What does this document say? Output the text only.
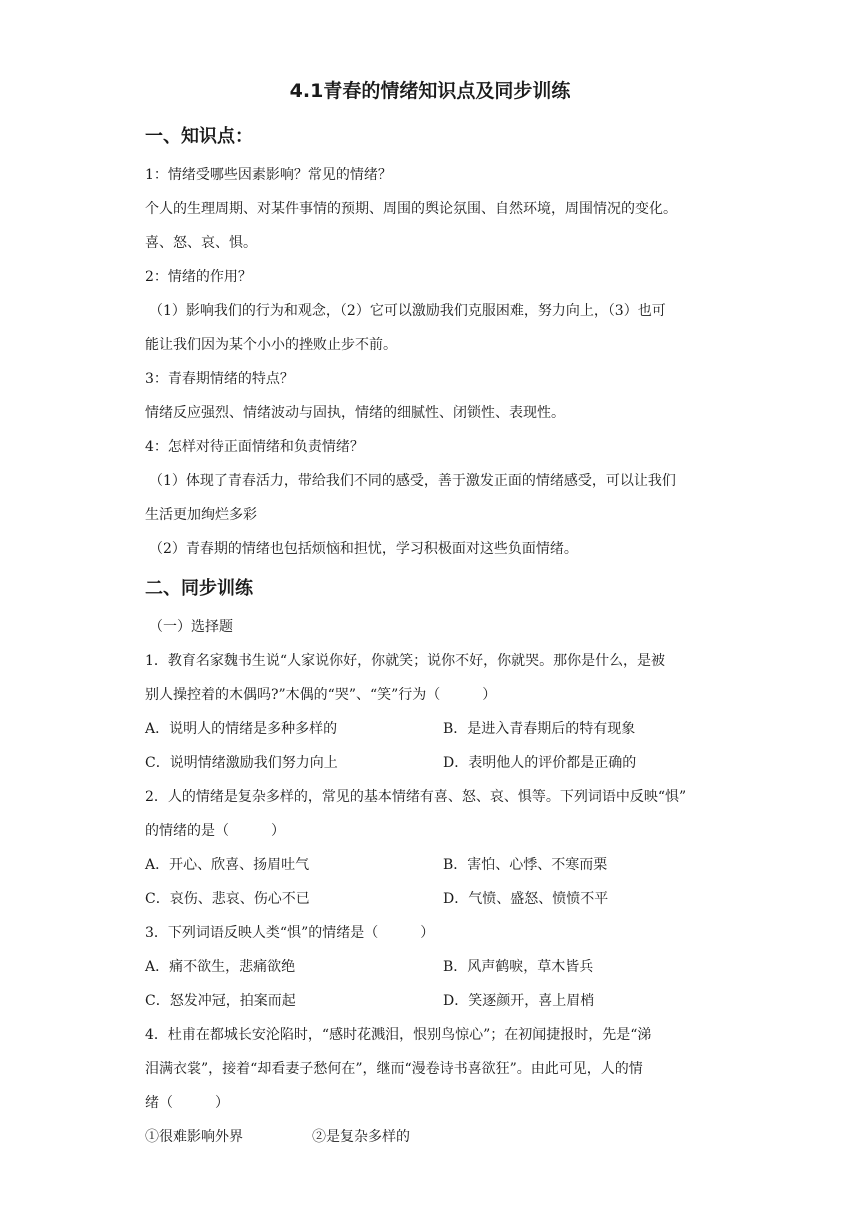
4.1青春的情绪知识点及同步训练
一、知识点：
1：情绪受哪些因素影响？常见的情绪？
个人的生理周期、对某件事情的预期、周围的舆论氛围、自然环境，周围情况的变化。
喜、怒、哀、惧。
2：情绪的作用？
（1）影响我们的行为和观念，（2）它可以激励我们克服困难，努力向上，（3）也可
能让我们因为某个小小的挫败止步不前。
3：青春期情绪的特点？
情绪反应强烈、情绪波动与固执，情绪的细腻性、闭锁性、表现性。
4：怎样对待正面情绪和负责情绪？
（1）体现了青春活力，带给我们不同的感受，善于激发正面的情绪感受，可以让我们
生活更加绚烂多彩
（2）青春期的情绪也包括烦恼和担忧，学习积极面对这些负面情绪。
二、同步训练
（一）选择题
1．教育名家魏书生说“人家说你好，你就笑；说你不好，你就哭。那你是什么，是被
别人操控着的木偶吗?”木偶的“哭”、“笑”行为（　　　）
A．说明人的情绪是多种多样的	B．是进入青春期后的特有现象
C．说明情绪激励我们努力向上	D．表明他人的评价都是正确的
2．人的情绪是复杂多样的，常见的基本情绪有喜、怒、哀、惧等。下列词语中反映“惧”
的情绪的是（　　　）
A．开心、欣喜、扬眉吐气	B．害怕、心悸、不寒而栗
C．哀伤、悲哀、伤心不已	D．气愤、盛怒、愤愤不平
3．下列词语反映人类“惧”的情绪是（　　　）
A．痛不欲生，悲痛欲绝	B．风声鹤唳，草木皆兵
C．怒发冲冠，拍案而起	D．笑逐颜开，喜上眉梢
4．杜甫在都城长安沦陷时，“感时花溅泪，恨别鸟惊心”；在初闻捷报时，先是“涕
泪满衣裳”，接着“却看妻子愁何在”，继而“漫卷诗书喜欲狂”。由此可见，人的情
绪（　　　）
①很难影响外界	②是复杂多样的
